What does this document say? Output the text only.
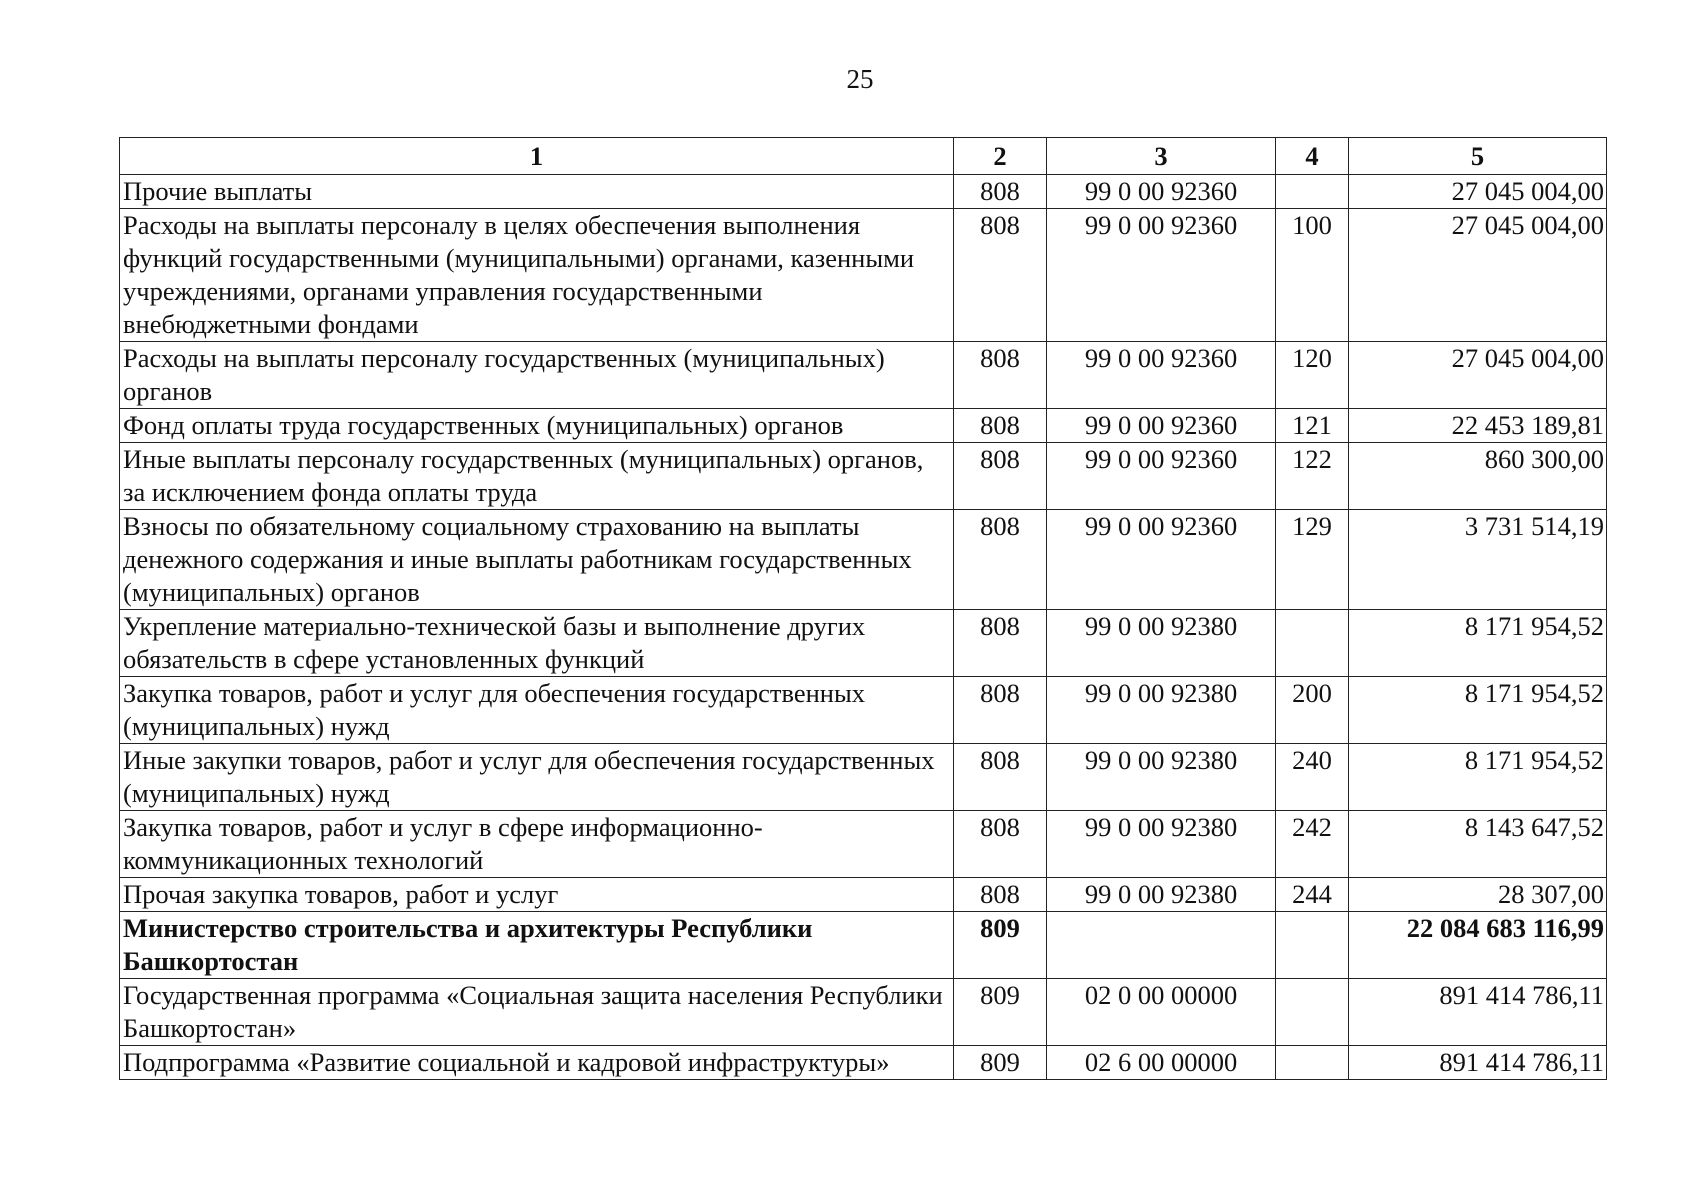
25
1	2	3	4	5
Прочие выплаты	808	99 0 00 92360		27 045 004,00
Расходы на выплаты персоналу в целях обеспечения выполнения функций государственными (муниципальными) органами, казенными учреждениями, органами управления государственными внебюджетными фондами	808	99 0 00 92360	100	27 045 004,00
Расходы на выплаты персоналу государственных (муниципальных) органов	808	99 0 00 92360	120	27 045 004,00
Фонд оплаты труда государственных (муниципальных) органов	808	99 0 00 92360	121	22 453 189,81
Иные выплаты персоналу государственных (муниципальных) органов, за исключением фонда оплаты труда	808	99 0 00 92360	122	860 300,00
Взносы по обязательному социальному страхованию на выплаты денежного содержания и иные выплаты работникам государственных (муниципальных) органов	808	99 0 00 92360	129	3 731 514,19
Укрепление материально-технической базы и выполнение других обязательств в сфере установленных функций	808	99 0 00 92380		8 171 954,52
Закупка товаров, работ и услуг для обеспечения государственных (муниципальных) нужд	808	99 0 00 92380	200	8 171 954,52
Иные закупки товаров, работ и услуг для обеспечения государственных (муниципальных) нужд	808	99 0 00 92380	240	8 171 954,52
Закупка товаров, работ и услуг в сфере информационно-коммуникационных технологий	808	99 0 00 92380	242	8 143 647,52
Прочая закупка товаров, работ и услуг	808	99 0 00 92380	244	28 307,00
Министерство строительства и архитектуры Республики Башкортостан	809			22 084 683 116,99
Государственная программа «Социальная защита населения Республики Башкортостан»	809	02 0 00 00000		891 414 786,11
Подпрограмма «Развитие социальной и кадровой инфраструктуры»	809	02 6 00 00000		891 414 786,11
